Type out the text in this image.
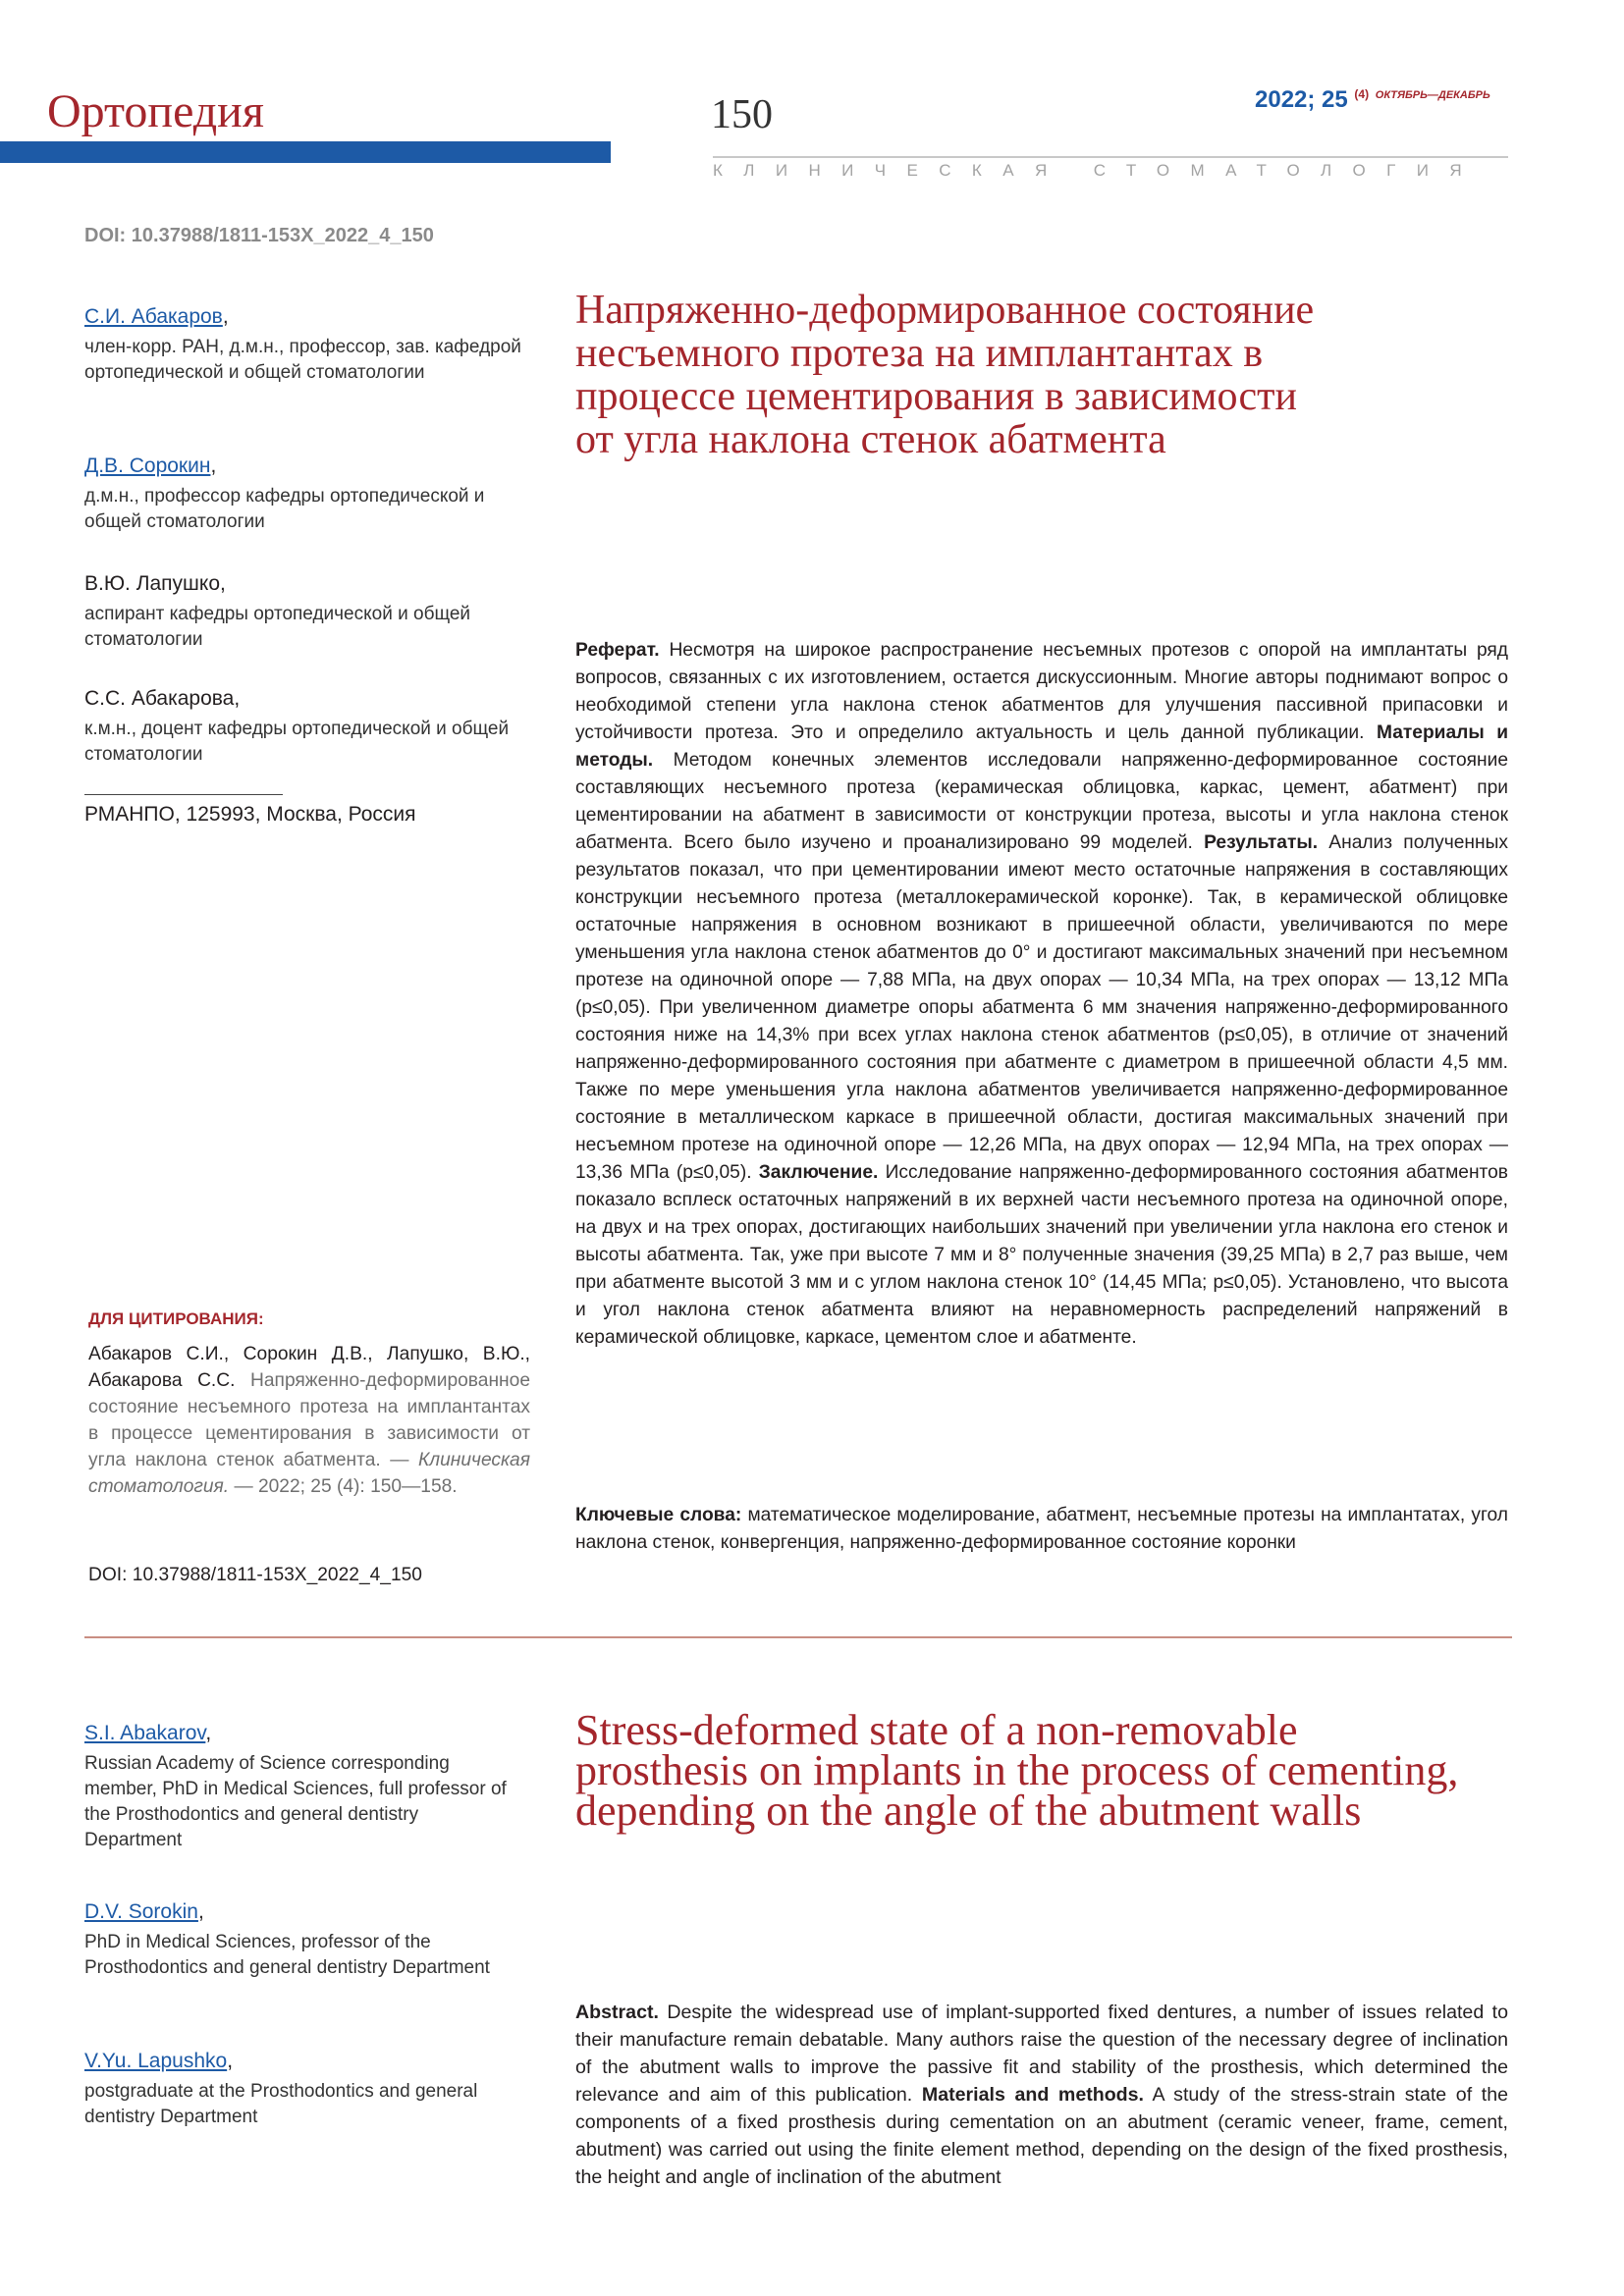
Ортопедия	150	2022; 25 $^{(4)}$ $^{ОКТЯБРЬ—ДЕКАБРЬ}$
КЛИНИЧЕСКАЯ СТОМАТОЛОГИЯ
DOI: 10.37988/1811-153X_2022_4_150
С.И. Абакаров,
член-корр. РАН, д.м.н., профессор, зав. кафедрой ортопедической и общей стоматологии
Д.В. Сорокин,
д.м.н., профессор кафедры ортопедической и общей стоматологии
В.Ю. Лапушко,
аспирант кафедры ортопедической и общей стоматологии
С.С. Абакарова,
к.м.н., доцент кафедры ортопедической и общей стоматологии
РМАНПО, 125993, Москва, Россия
Напряженно-деформированное состояние несъемного протеза на имплантантах в процессе цементирования в зависимости от угла наклона стенок абатмента
Реферат. Несмотря на широкое распространение несъемных протезов с опорой на имплантаты ряд вопросов, связанных с их изготовлением, остается дискуссионным. Многие авторы поднимают вопрос о необходимой степени угла наклона стенок абатментов для улучшения пассивной припасовки и устойчивости протеза. Это и определило актуальность и цель данной публикации. Материалы и методы. Методом конечных элементов исследовали напряженно-деформированное состояние составляющих несъемного протеза (керамическая облицовка, каркас, цемент, абатмент) при цементировании на абатмент в зависимости от конструкции протеза, высоты и угла наклона стенок абатмента. Всего было изучено и проанализировано 99 моделей. Результаты. Анализ полученных результатов показал, что при цементировании имеют место остаточные напряжения в составляющих конструкции несъемного протеза (металлокерамической коронке). Так, в керамической облицовке остаточные напряжения в основном возникают в пришеечной области, увеличиваются по мере уменьшения угла наклона стенок абатментов до 0° и достигают максимальных значений при несъемном протезе на одиночной опоре — 7,88 МПа, на двух опорах — 10,34 МПа, на трех опорах — 13,12 МПа (p≤0,05). При увеличенном диаметре опоры абатмента 6 мм значения напряженно-деформированного состояния ниже на 14,3% при всех углах наклона стенок абатментов (p≤0,05), в отличие от значений напряженно-деформированного состояния при абатменте с диаметром в пришеечной области 4,5 мм. Также по мере уменьшения угла наклона абатментов увеличивается напряженно-деформированное состояние в металлическом каркасе в пришеечной области, достигая максимальных значений при несъемном протезе на одиночной опоре — 12,26 МПа, на двух опорах — 12,94 МПа, на трех опорах — 13,36 МПа (p≤0,05). Заключение. Исследование напряженно-деформированного состояния абатментов показало всплеск остаточных напряжений в их верхней части несъемного протеза на одиночной опоре, на двух и на трех опорах, достигающих наибольших значений при увеличении угла наклона его стенок и высоты абатмента. Так, уже при высоте 7 мм и 8° полученные значения (39,25 МПа) в 2,7 раз выше, чем при абатменте высотой 3 мм и с углом наклона стенок 10° (14,45 МПа; p≤0,05). Установлено, что высота и угол наклона стенок абатмента влияют на неравномерность распределений напряжений в керамической облицовке, каркасе, цементом слое и абатменте.
Ключевые слова: математическое моделирование, абатмент, несъемные протезы на имплантатах, угол наклона стенок, конвергенция, напряженно-деформированное состояние коронки
ДЛЯ ЦИТИРОВАНИЯ:
Абакаров С.И., Сорокин Д.В., Лапушко, В.Ю., Абакарова С.С. Напряженно-деформированное состояние несъемного протеза на имплантантах в процессе цементирования в зависимости от угла наклона стенок абатмента. — Клиническая стоматология. — 2022; 25 (4): 150—158.
DOI: 10.37988/1811-153X_2022_4_150
S.I. Abakarov,
Russian Academy of Science corresponding member, PhD in Medical Sciences, full professor of the Prosthodontics and general dentistry Department
D.V. Sorokin,
PhD in Medical Sciences, professor of the Prosthodontics and general dentistry Department
V.Yu. Lapushko,
postgraduate at the Prosthodontics and general dentistry Department
Stress-deformed state of a non-removable prosthesis on implants in the process of cementing, depending on the angle of the abutment walls
Abstract. Despite the widespread use of implant-supported fixed dentures, a number of issues related to their manufacture remain debatable. Many authors raise the question of the necessary degree of inclination of the abutment walls to improve the passive fit and stability of the prosthesis, which determined the relevance and aim of this publication. Materials and methods. A study of the stress-strain state of the components of a fixed prosthesis during cementation on an abutment (ceramic veneer, frame, cement, abutment) was carried out using the finite element method, depending on the design of the fixed prosthesis, the height and angle of inclination of the abutment
